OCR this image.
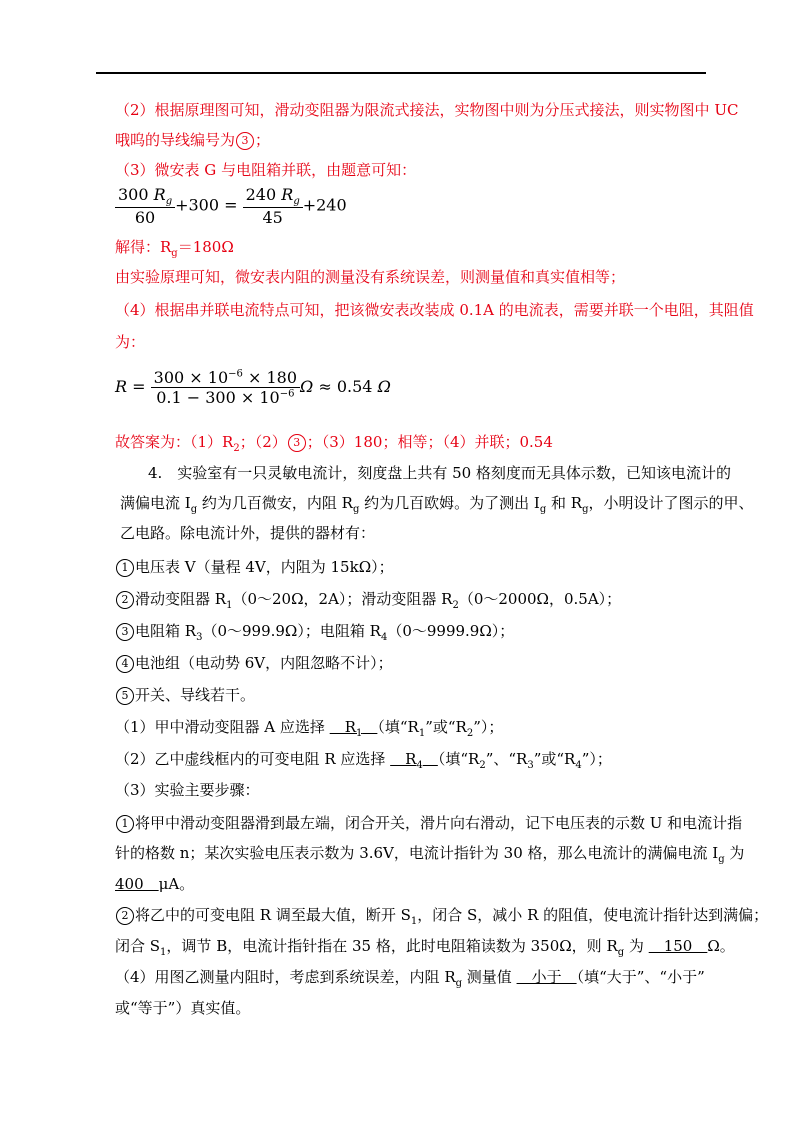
（2）根据原理图可知，滑动变阻器为限流式接法，实物图中则为分压式接法，则实物图中 UC
哦呜的导线编号为 3 ；
（3）微安表 G 与电阻箱并联，由题意可知：
$\frac{300 R_g}{60} +300 = \frac{240 R_g}{45} +240$
解得：$R_g=180\Omega$
由实验原理可知，微安表内阻的测量没有系统误差，则测量值和真实值相等；
（4）根据串并联电流特点可知，把该微安表改装成 0.1A 的电流表，需要并联一个电阻，其阻值
为：
$R = \frac{300 \times 10^{-6} \times 180}{0.1 - 300 \times 10^{-6}}$ Ω ≈ 0.54 Ω
故答案为：$(1)R_2$；（2） 3 ；（3）180；相等；（4）并联；0.54
4.　实验室有一只灵敏电流计，刻度盘上共有 50 格刻度而无具体示数，已知该电流计的
满偏电流 $I_g$ 约为几百微安，内阻 $R_g$ 约为几百欧姆。为了测出 $I_g$ 和 $R_g$，小明设计了图示的甲、
乙电路。除电流计外，提供的器材有：
1 电压表 V（量程 4V，内阻为 15kΩ）；
2 滑动变阻器 $R_1(0\sim 20\Omega$，2A）；滑动变阻器 $R_2(0\sim 2000\Omega$，0.5A）；
3 电阻箱 $R_3(0\sim 999.9\Omega)$；电阻箱 $R_4(0\sim 9999.9\Omega)$；
4 电池组（电动势 6V，内阻忽略不计）；
5 开关、导线若干。
（1）甲中滑动变阻器 A 应选择 　$R_1$　 （填“$R_1$”或“$R_2$”）；
（2）乙中虚线框内的可变电阻 R 应选择 　$R_4$　 （填“$R_2$”、“$R_3$”或“$R_4$”）；
（3）实验主要步骤：
1 将甲中滑动变阻器滑到最左端，闭合开关，滑片向右滑动，记下电压表的示数 U 和电流计指
针的格数 n；某次实验电压表示数为 3.6V，电流计指针为 30 格，那么电流计的满偏电流 $I_g$ 为
400　μA。
2 将乙中的可变电阻 R 调至最大值，断开 $S_1$，闭合 S，减小 R 的阻值，使电流计指针达到满偏；
闭合 $S_1$，调节 B，电流计指针指在 35 格，此时电阻箱读数为 350Ω，则 $R_g$ 为 　150　Ω。
（4）用图乙测量内阻时，考虑到系统误差，内阻 $R_g$ 测量值 　小于　（填“大于”、“小于”
或“等于”）真实值。
